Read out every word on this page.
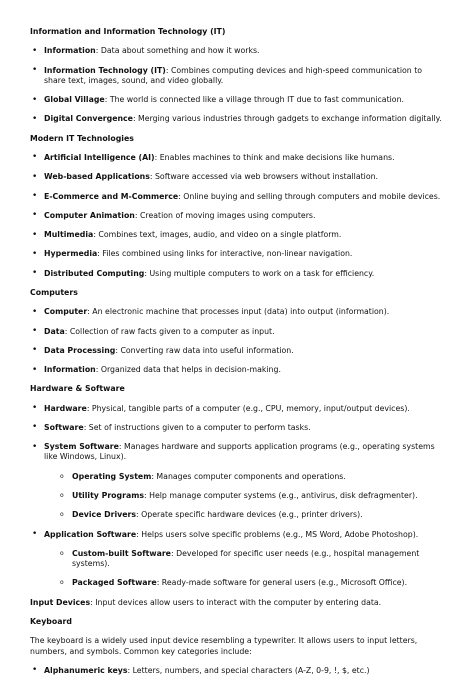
Information and Information Technology (IT)
• Information: Data about something and how it works.
• Information Technology (IT): Combines computing devices and high-speed communication to share text, images, sound, and video globally.
• Global Village: The world is connected like a village through IT due to fast communication.
• Digital Convergence: Merging various industries through gadgets to exchange information digitally.
Modern IT Technologies
• Artificial Intelligence (AI): Enables machines to think and make decisions like humans.
• Web-based Applications: Software accessed via web browsers without installation.
• E-Commerce and M-Commerce: Online buying and selling through computers and mobile devices.
• Computer Animation: Creation of moving images using computers.
• Multimedia: Combines text, images, audio, and video on a single platform.
• Hypermedia: Files combined using links for interactive, non-linear navigation.
• Distributed Computing: Using multiple computers to work on a task for efficiency.
Computers
• Computer: An electronic machine that processes input (data) into output (information).
• Data: Collection of raw facts given to a computer as input.
• Data Processing: Converting raw data into useful information.
• Information: Organized data that helps in decision-making.
Hardware & Software
• Hardware: Physical, tangible parts of a computer (e.g., CPU, memory, input/output devices).
• Software: Set of instructions given to a computer to perform tasks.
• System Software: Manages hardware and supports application programs (e.g., operating systems like Windows, Linux).
o Operating System: Manages computer components and operations.
o Utility Programs: Help manage computer systems (e.g., antivirus, disk defragmenter).
o Device Drivers: Operate specific hardware devices (e.g., printer drivers).
• Application Software: Helps users solve specific problems (e.g., MS Word, Adobe Photoshop).
o Custom-built Software: Developed for specific user needs (e.g., hospital management systems).
o Packaged Software: Ready-made software for general users (e.g., Microsoft Office).

Input Devices: Input devices allow users to interact with the computer by entering data.

Keyboard

The keyboard is a widely used input device resembling a typewriter. It allows users to input letters, numbers, and symbols. Common key categories include:

• Alphanumeric keys: Letters, numbers, and special characters (A-Z, 0-9, !, $, etc.)
